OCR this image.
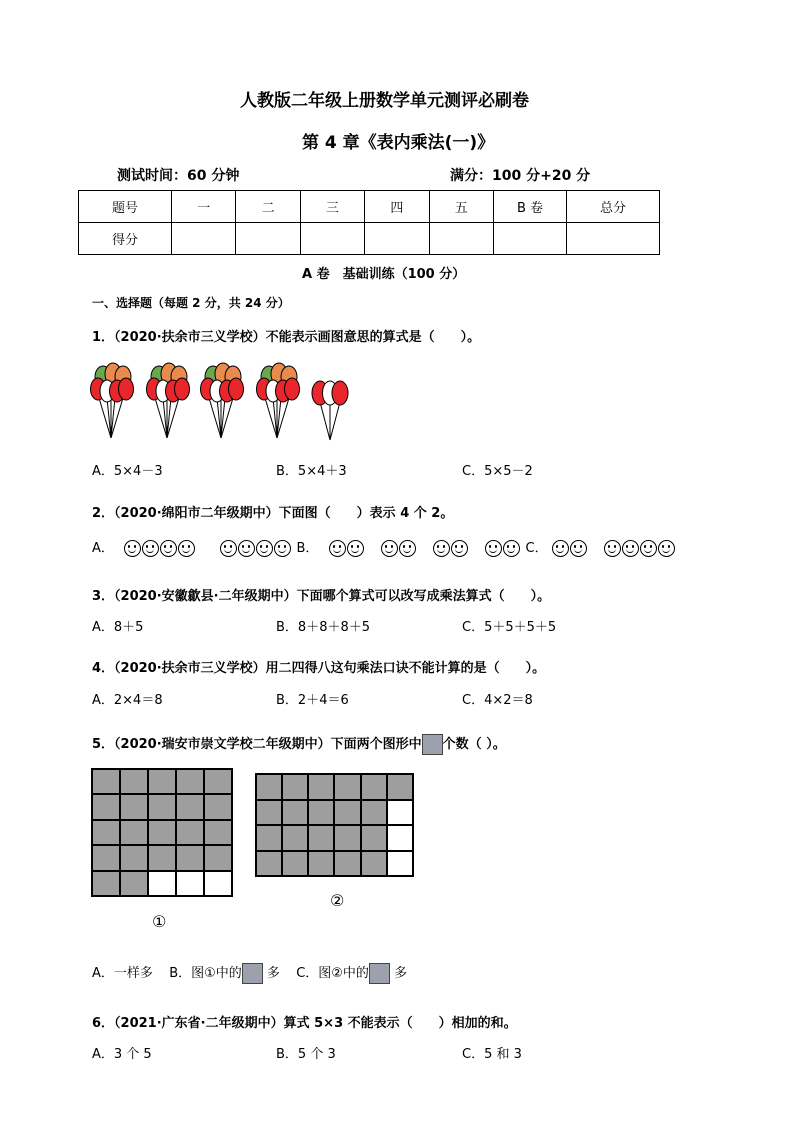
人教版二年级上册数学单元测评必刷卷
第 4 章《表内乘法(一)》
测试时间：60 分钟	满分：100 分+20 分
题号	一	二	三	四	五	B 卷	总分
得分							
A 卷　基础训练（100 分）
一、选择题（每题 2 分，共 24 分）
1．（2020·扶余市三义学校）不能表示画图意思的算式是（　　）。
A．5×4－3	B．5×4＋3	C．5×5－2
2．（2020·绵阳市二年级期中）下面图（　　）表示 4 个 2。
A．	B．	C．
3．（2020·安徽歙县·二年级期中）下面哪个算式可以改写成乘法算式（　　）。
A．8＋5	B．8＋8＋8＋5	C．5＋5＋5＋5
4．（2020·扶余市三义学校）用二四得八这句乘法口诀不能计算的是（　　）。
A．2×4＝8	B．2＋4＝6	C．4×2＝8
5．（2020·瑞安市崇文学校二年级期中）下面两个图形中 个数（ ）。
①
②
A．一样多 B．图①中的 多 C．图②中的 多
6．（2021·广东省·二年级期中）算式 5×3 不能表示（　　）相加的和。
A．3 个 5	B．5 个 3	C．5 和 3
